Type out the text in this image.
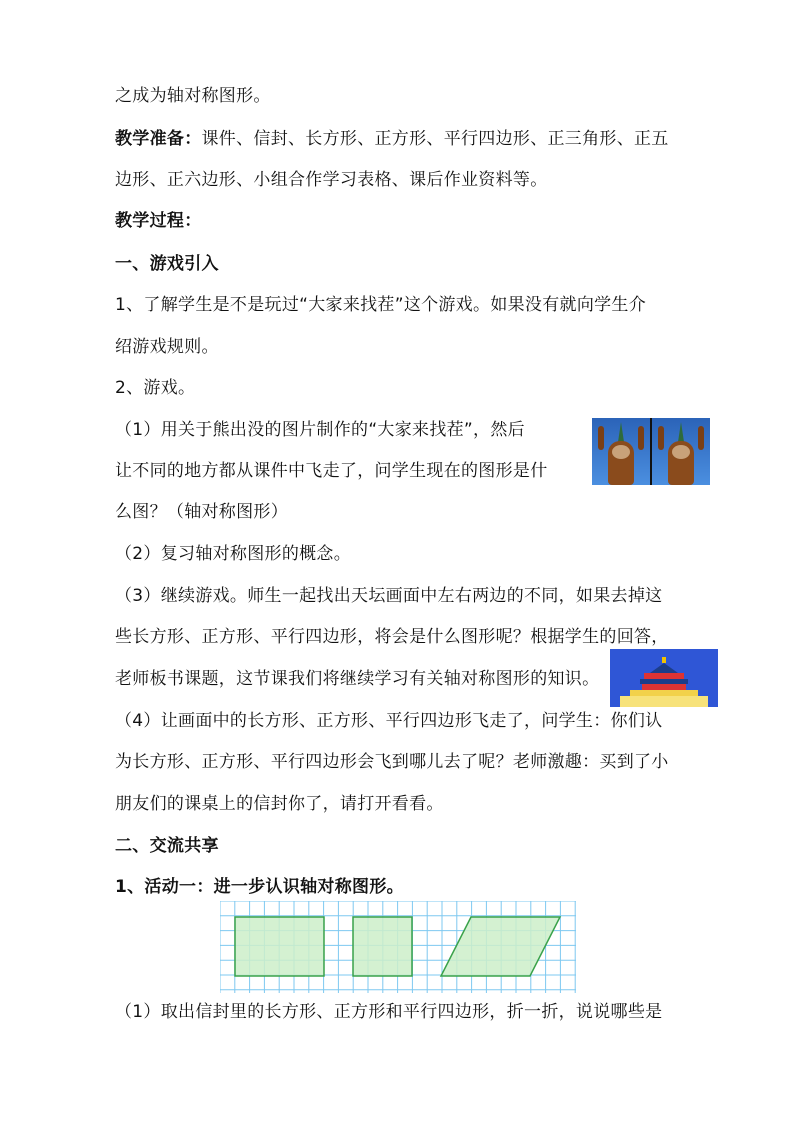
之成为轴对称图形。
教学准备：课件、信封、长方形、正方形、平行四边形、正三角形、正五
边形、正六边形、小组合作学习表格、课后作业资料等。
教学过程：
一、游戏引入
1、了解学生是不是玩过“大家来找茬”这个游戏。如果没有就向学生介
绍游戏规则。
2、游戏。
（1）用关于熊出没的图片制作的“大家来找茬”，然后
让不同的地方都从课件中飞走了，问学生现在的图形是什
么图？（轴对称图形）
（2）复习轴对称图形的概念。
（3）继续游戏。师生一起找出天坛画面中左右两边的不同，如果去掉这
些长方形、正方形、平行四边形，将会是什么图形呢？根据学生的回答，
老师板书课题，这节课我们将继续学习有关轴对称图形的知识。
（4）让画面中的长方形、正方形、平行四边形飞走了，问学生：你们认
为长方形、正方形、平行四边形会飞到哪儿去了呢？老师激趣：买到了小
朋友们的课桌上的信封你了，请打开看看。
二、交流共享
1、活动一：进一步认识轴对称图形。
（1）取出信封里的长方形、正方形和平行四边形，折一折，说说哪些是
